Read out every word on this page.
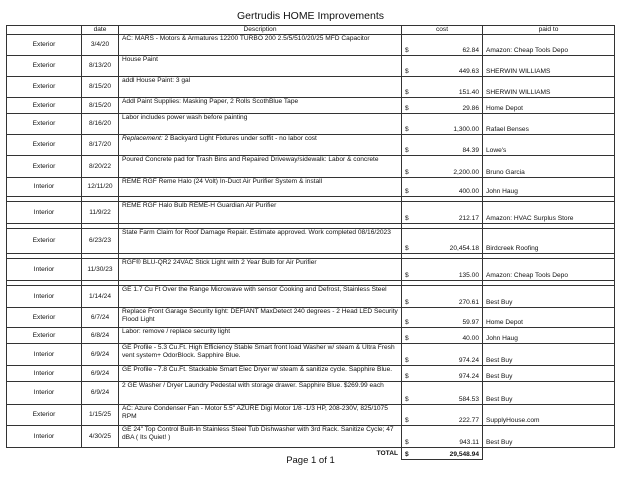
Gertrudis HOME Improvements
	date	Description	cost	paid to
Exterior	3/4/20	AC: MARS - Motors & Armatures 12200 TURBO 200 2.5/5/510/20/25 MFD Capacitor	$ 62.84	Amazon: Cheap Tools Depo
Exterior	8/13/20	House Paint	$ 449.63	SHERWIN WILLIAMS
Exterior	8/15/20	addl House Paint: 3 gal	$ 151.40	SHERWIN WILLIAMS
Exterior	8/15/20	Addl Paint Supplies: Masking Paper, 2 Rolls ScothBlue Tape	$ 29.86	Home Depot
Exterior	8/16/20	Labor includes power wash before painting	$ 1,300.00	Rafael Benses
Exterior	8/17/20	Replacement: 2 Backyard Light Fixtures under soffit - no labor cost	$ 84.39	Lowe's
Exterior	8/20/22	Poured Concrete pad for Trash Bins and Repaired Driveway/sidewalk: Labor & concrete	$ 2,200.00	Bruno Garcia
Interior	12/11/20	REME RGF Reme Halo (24 Volt) In-Duct Air Purifier System & install	$ 400.00	John Haug

Interior	11/9/22	REME RGF Halo Bulb REME-H Guardian Air Purifier	$ 212.17	Amazon: HVAC Surplus Store

Exterior	6/23/23	State Farm Claim for Roof Damage Repair. Estimate approved. Work completed 08/16/2023	$ 20,454.18	Birdcreek Roofing

Interior	11/30/23	RGF® BLU-QR2 24VAC Stick Light with 2 Year Bulb for Air Purifier	$ 135.00	Amazon: Cheap Tools Depo

Interior	1/14/24	GE 1.7 Cu Ft Over the Range Microwave with sensor Cooking and Defrost, Stainless Steel	$ 270.61	Best Buy
Exterior	6/7/24	Replace Front Garage Security light: DEFIANT MaxDetect 240 degrees - 2 Head LED Security Flood Light	$ 59.97	Home Depot
Exterior	6/8/24	Labor: remove / replace security light	$ 40.00	John Haug
Interior	6/9/24	GE Profile - 5.3 Cu.Ft. High Efficiency Stable Smart front load Washer w/ steam & Ultra Fresh vent system+ OdorBlock. Sapphire Blue.	$ 974.24	Best Buy
Interior	6/9/24	GE Profile - 7.8 Cu.Ft. Stackable Smart Elec Dryer w/ steam & sanitize cycle. Sapphire Blue.	$ 974.24	Best Buy
Interior	6/9/24	2 GE Washer / Dryer Laundry Pedestal with storage drawer. Sapphire Blue. $269.99 each	$ 584.53	Best Buy
Exterior	1/15/25	AC: Azure Condenser Fan - Motor 5.5" AZURE Digi Motor 1/8 -1/3 HP, 208-230V, 825/1075 RPM	$ 222.77	SupplyHouse.com
Interior	4/30/25	GE 24" Top Control Built-In Stainless Steel Tub Dishwasher with 3rd Rack. Sanitize Cycle; 47 dBA ( Its Quiet! )	$ 943.11	Best Buy
		TOTAL	$ 29,548.94	

Page 1 of 1
